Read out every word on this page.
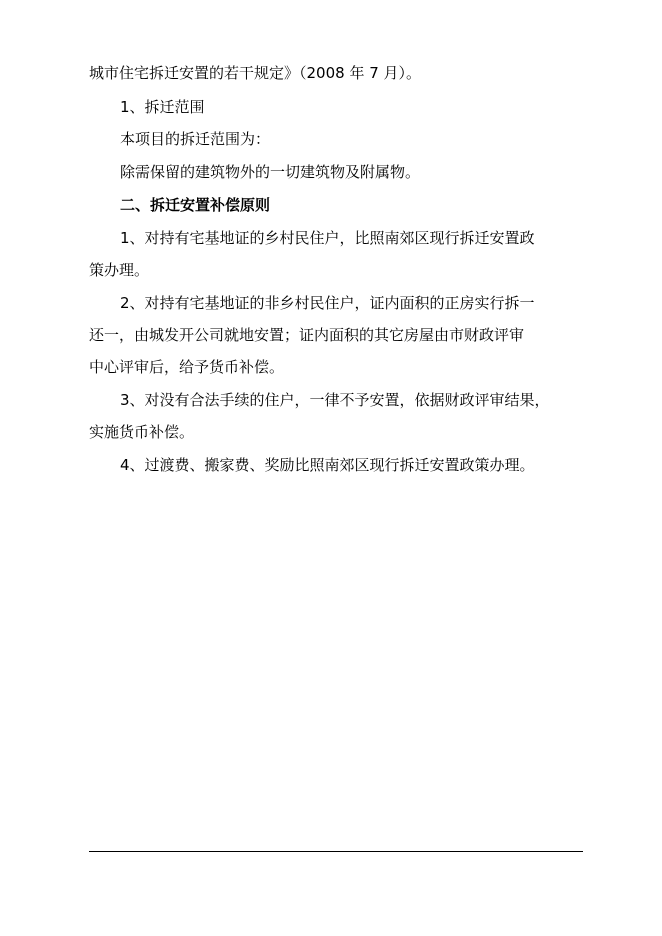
城市住宅拆迁安置的若干规定》（2008 年 7 月）。
1、拆迁范围
本项目的拆迁范围为：
除需保留的建筑物外的一切建筑物及附属物。
二、拆迁安置补偿原则
1、对持有宅基地证的乡村民住户，比照南郊区现行拆迁安置政
策办理。
2、对持有宅基地证的非乡村民住户，证内面积的正房实行拆一
还一，由城发开公司就地安置；证内面积的其它房屋由市财政评审
中心评审后，给予货币补偿。
3、对没有合法手续的住户，一律不予安置，依据财政评审结果，
实施货币补偿。
4、过渡费、搬家费、奖励比照南郊区现行拆迁安置政策办理。
